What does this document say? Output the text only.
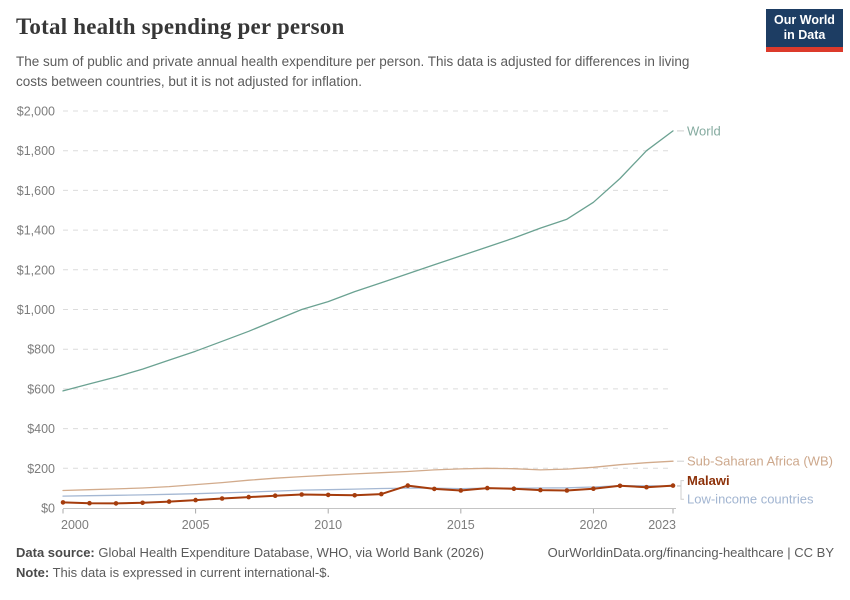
Total health spending per person

The sum of public and private annual health expenditure per person. This data is adjusted for differences in living costs between countries, but it is not adjusted for inflation.

Our World
in Data
$0
$200
$400
$600
$800
$1,000
$1,200
$1,400
$1,600
$1,800
$2,000
2000	2005	2010	2015	2020	2023
Sub-Saharan Africa (WB)
Low-income countries
World
Malawi
Data source: Global Health Expenditure Database, WHO, via World Bank (2026)	OurWorldinData.org/financing-healthcare | CC BY
Note: This data is expressed in current international-$.
